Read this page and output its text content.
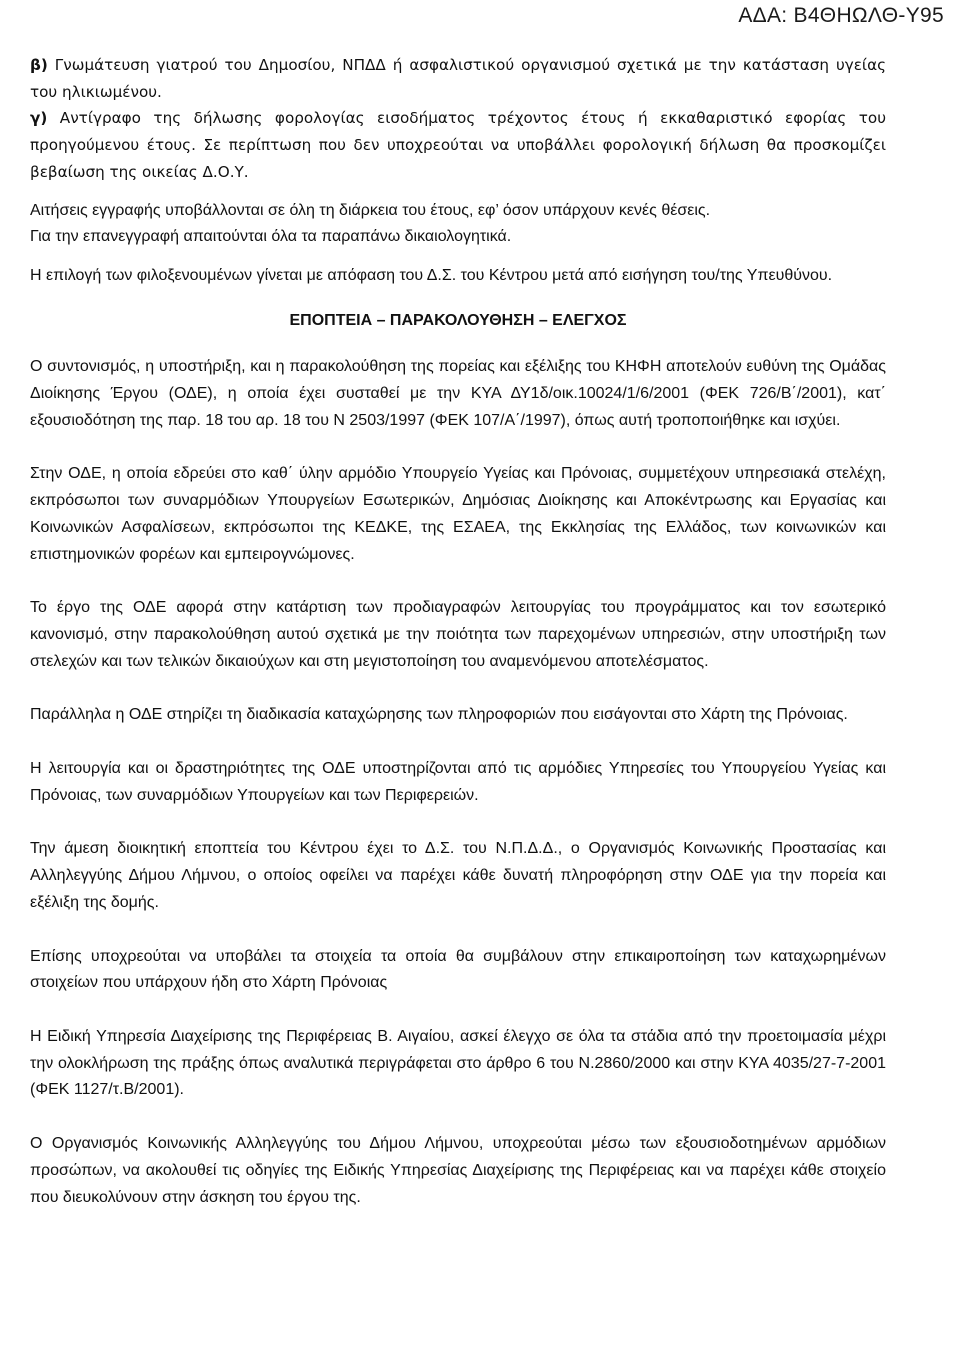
ΑΔΑ: Β4ΘΗΩΛΘ-Υ95

β) Γνωμάτευση γιατρού του Δημοσίου, ΝΠΔΔ ή ασφαλιστικού οργανισμού σχετικά με την κατάσταση υγείας του ηλικιωμένου.

γ) Αντίγραφο της δήλωσης φορολογίας εισοδήματος τρέχοντος έτους ή εκκαθαριστικό εφορίας του προηγούμενου έτους. Σε περίπτωση που δεν υποχρεούται να υποβάλλει φορολογική δήλωση θα προσκομίζει βεβαίωση της οικείας Δ.Ο.Υ.

Αιτήσεις εγγραφής υποβάλλονται σε όλη τη διάρκεια του έτους, εφ’ όσον υπάρχουν κενές θέσεις.

Για την επανεγγραφή απαιτούνται όλα τα παραπάνω δικαιολογητικά.

Η επιλογή των φιλοξενουμένων γίνεται με απόφαση του Δ.Σ. του Κέντρου μετά από εισήγηση του/της Υπευθύνου.

ΕΠΟΠΤΕΙΑ – ΠΑΡΑΚΟΛΟΥΘΗΣΗ – ΕΛΕΓΧΟΣ

Ο συντονισμός, η υποστήριξη, και η παρακολούθηση της πορείας και εξέλιξης του ΚΗΦΗ αποτελούν ευθύνη της Ομάδας Διοίκησης Έργου (ΟΔΕ), η οποία έχει συσταθεί με την ΚΥΑ ΔΥ1δ/οικ.10024/1/6/2001 (ΦΕΚ 726/Β΄/2001), κατ΄ εξουσιοδότηση της παρ. 18 του αρ. 18 του Ν 2503/1997 (ΦΕΚ 107/Α΄/1997), όπως αυτή τροποποιήθηκε και ισχύει.

Στην ΟΔΕ, η οποία εδρεύει στο καθ΄ ύλην αρμόδιο Υπουργείο Υγείας και Πρόνοιας, συμμετέχουν υπηρεσιακά στελέχη, εκπρόσωποι των συναρμόδιων Υπουργείων Εσωτερικών, Δημόσιας Διοίκησης και Αποκέντρωσης και Εργασίας και Κοινωνικών Ασφαλίσεων, εκπρόσωποι της ΚΕΔΚΕ, της ΕΣΑΕΑ, της Εκκλησίας της Ελλάδος, των κοινωνικών και επιστημονικών φορέων και εμπειρογνώμονες.

Το έργο της ΟΔΕ αφορά στην κατάρτιση των προδιαγραφών λειτουργίας του προγράμματος και τον εσωτερικό κανονισμό, στην παρακολούθηση αυτού σχετικά με την ποιότητα των παρεχομένων υπηρεσιών, στην υποστήριξη των στελεχών και των τελικών δικαιούχων και στη μεγιστοποίηση του αναμενόμενου αποτελέσματος.

Παράλληλα η ΟΔΕ στηρίζει τη διαδικασία καταχώρησης των πληροφοριών που εισάγονται στο Χάρτη της Πρόνοιας.

Η λειτουργία και οι δραστηριότητες της ΟΔΕ υποστηρίζονται από τις αρμόδιες Υπηρεσίες του Υπουργείου Υγείας και Πρόνοιας, των συναρμόδιων Υπουργείων και των Περιφερειών.

Την άμεση διοικητική εποπτεία του Κέντρου έχει το Δ.Σ. του Ν.Π.Δ.Δ., ο Οργανισμός Κοινωνικής Προστασίας και Αλληλεγγύης Δήμου Λήμνου, ο οποίος οφείλει να παρέχει κάθε δυνατή πληροφόρηση στην ΟΔΕ για την πορεία και εξέλιξη της δομής.

Επίσης υποχρεούται να υποβάλει τα στοιχεία τα οποία θα συμβάλουν στην επικαιροποίηση των καταχωρημένων στοιχείων που υπάρχουν ήδη στο Χάρτη Πρόνοιας

Η Ειδική Υπηρεσία Διαχείρισης της Περιφέρειας Β. Αιγαίου, ασκεί έλεγχο σε όλα τα στάδια από την προετοιμασία μέχρι την ολοκλήρωση της πράξης όπως αναλυτικά περιγράφεται στο άρθρο 6 του Ν.2860/2000 και στην ΚΥΑ 4035/27-7-2001 (ΦΕΚ 1127/τ.Β/2001).

Ο Οργανισμός Κοινωνικής Αλληλεγγύης του Δήμου Λήμνου, υποχρεούται μέσω των εξουσιοδοτημένων αρμόδιων προσώπων, να ακολουθεί τις οδηγίες της Ειδικής Υπηρεσίας Διαχείρισης της Περιφέρειας και να παρέχει κάθε στοιχείο που διευκολύνουν στην άσκηση του έργου της.
